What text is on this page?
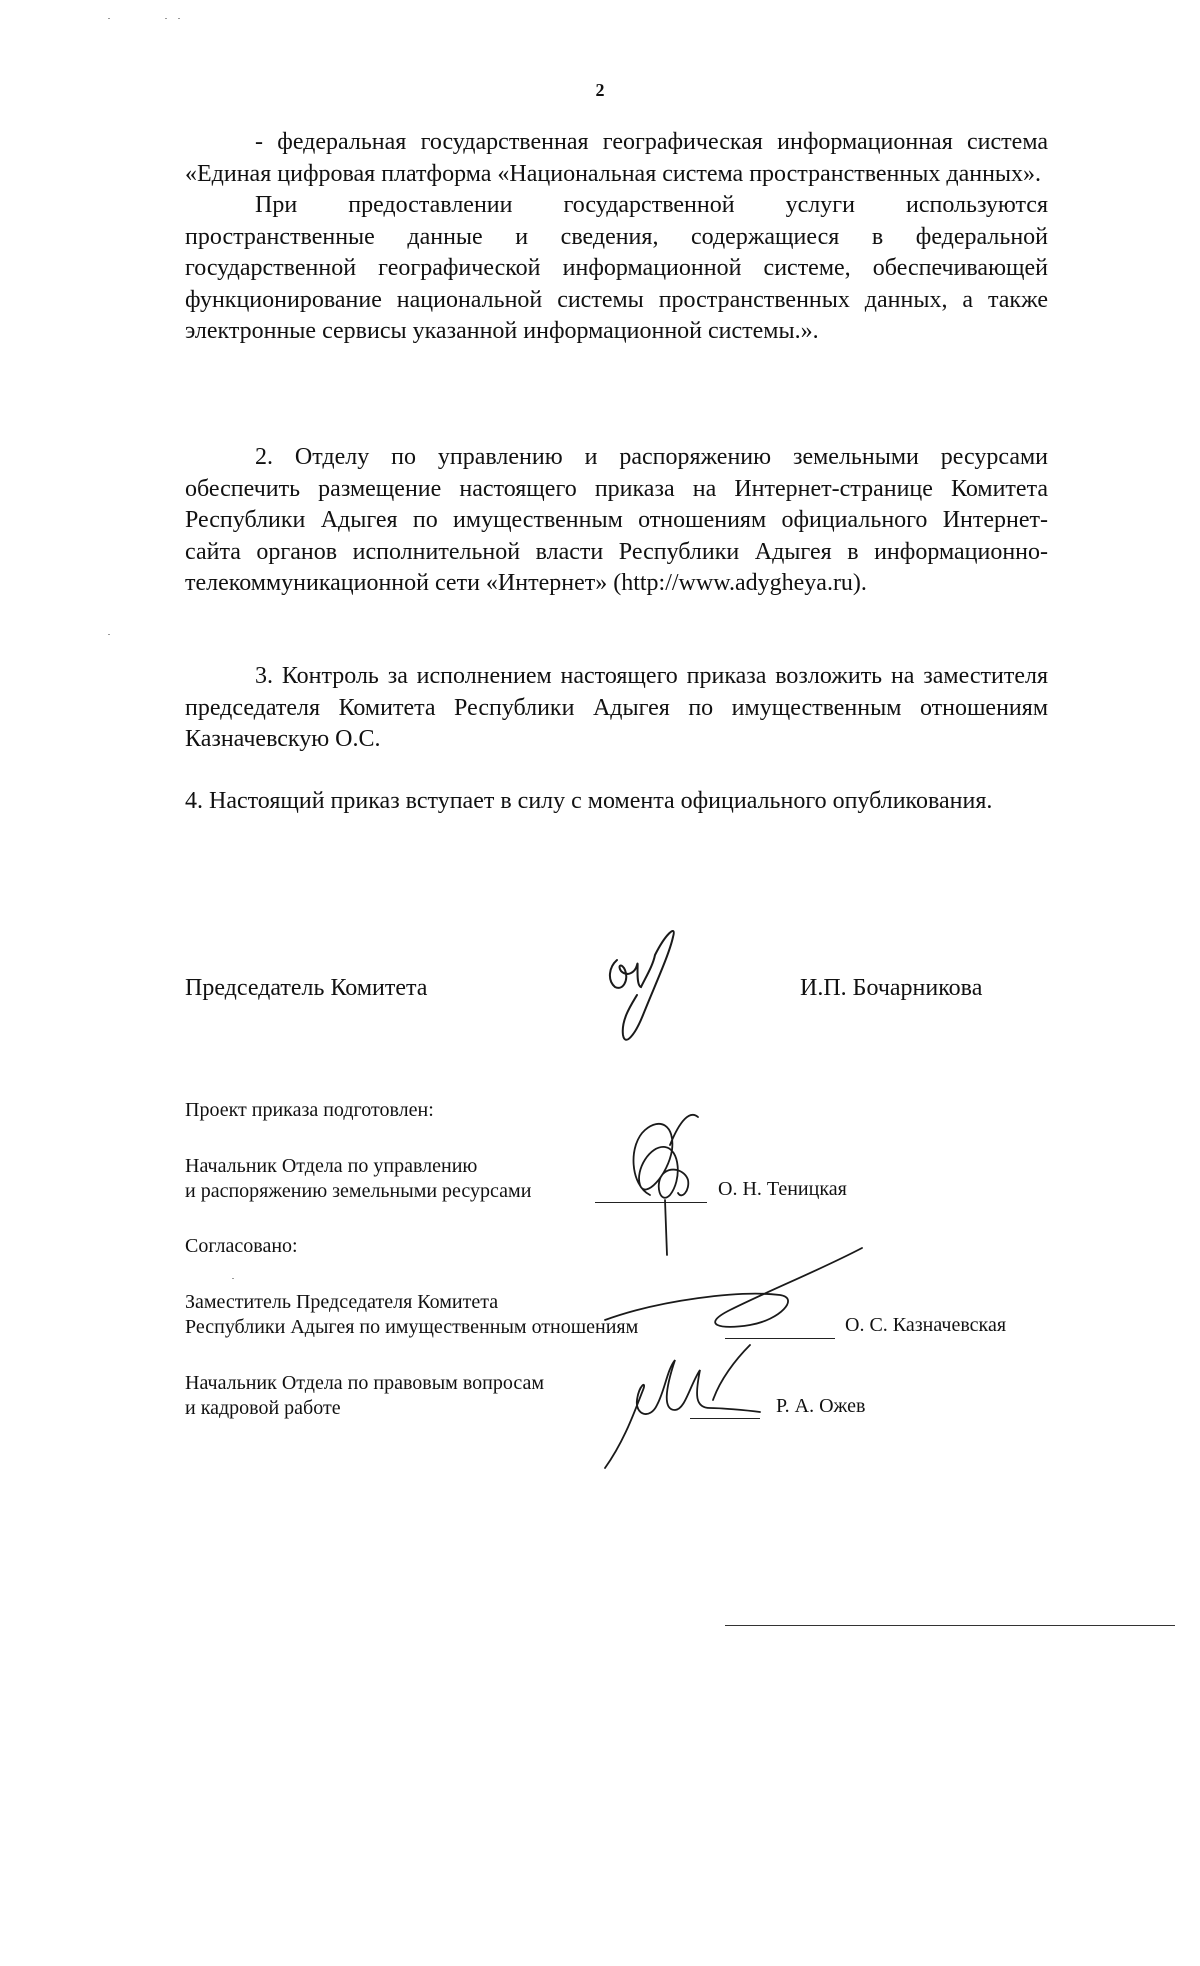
2

- федеральная государственная географическая информационная система «Единая цифровая платформа «Национальная система пространственных данных».

При предоставлении государственной услуги используются пространственные данные и сведения, содержащиеся в федеральной государственной географической информационной системе, обеспечивающей функционирование национальной системы пространственных данных, а также электронные сервисы указанной информационной системы.».

2. Отделу по управлению и распоряжению земельными ресурсами обеспечить размещение настоящего приказа на Интернет-странице Комитета Республики Адыгея по имущественным отношениям официального Интернет-сайта органов исполнительной власти Республики Адыгея в информационно-телекоммуникационной сети «Интернет» (http://www.adygheya.ru).

3. Контроль за исполнением настоящего приказа возложить на заместителя председателя Комитета Республики Адыгея по имущественным отношениям Казначевскую О.С.

4. Настоящий приказ вступает в силу с момента официального опубликования.

Председатель Комитета	И.П. Бочарникова
Проект приказа подготовлен:
Начальник Отдела по управлению
и распоряжению земельными ресурсами	О. Н. Теницкая
Согласовано:
Заместитель Председателя Комитета
Республики Адыгея по имущественным отношениям	О. С. Казначевская
Начальник Отдела по правовым вопросам
и кадровой работе	Р. А. Ожев
